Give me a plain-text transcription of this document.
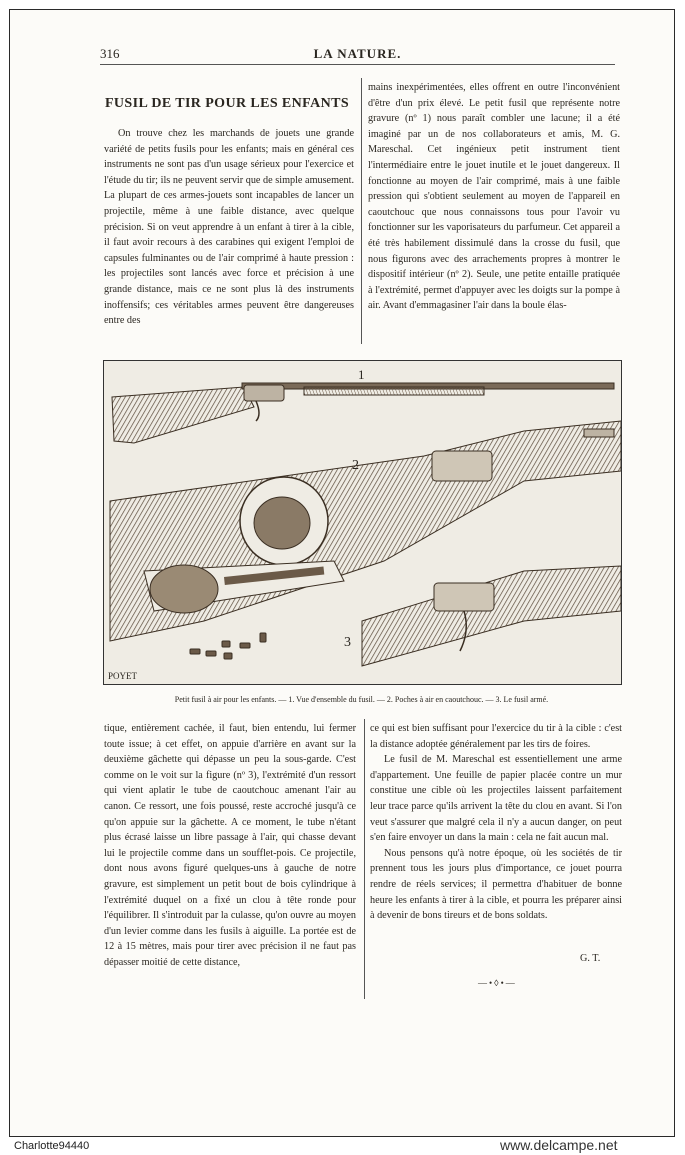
316	LA NATURE.
FUSIL DE TIR POUR LES ENFANTS

On trouve chez les marchands de jouets une grande variété de petits fusils pour les enfants; mais en général ces instruments ne sont pas d'un usage sérieux pour l'exercice et l'étude du tir; ils ne peuvent servir que de simple amusement. La plupart de ces armes-jouets sont incapables de lancer un projectile, même à une faible distance, avec quelque précision. Si on veut apprendre à un enfant à tirer à la cible, il faut avoir recours à des carabines qui exigent l'emploi de capsules fulminantes ou de l'air comprimé à haute pression : les projectiles sont lancés avec force et précision à une grande distance, mais ce ne sont plus là des instruments inoffensifs; ces véritables armes peuvent être dangereuses entre des

mains inexpérimentées, elles offrent en outre l'inconvénient d'être d'un prix élevé. Le petit fusil que représente notre gravure (nº 1) nous paraît combler une lacune; il a été imaginé par un de nos collaborateurs et amis, M. G. Mareschal. Cet ingénieux petit instrument tient l'intermédiaire entre le jouet inutile et le jouet dangereux. Il fonctionne au moyen de l'air comprimé, mais à une faible pression qui s'obtient seulement au moyen de l'appareil en caoutchouc que nous connaissons tous pour l'avoir vu fonctionner sur les vaporisateurs du parfumeur. Cet appareil a été très habilement dissimulé dans la crosse du fusil, que nous figurons avec des arrachements propres à montrer le dispositif intérieur (nº 2). Seule, une petite entaille pratiquée à l'extrémité, permet d'appuyer avec les doigts sur la pompe à air. Avant d'emmagasiner l'air dans la boule élas-

2
3
1
POYET
Petit fusil à air pour les enfants. — 1. Vue d'ensemble du fusil. — 2. Poches à air en caoutchouc. — 3. Le fusil armé.

tique, entièrement cachée, il faut, bien entendu, lui fermer toute issue; à cet effet, on appuie d'arrière en avant sur la deuxième gâchette qui dépasse un peu la sous-garde. C'est comme on le voit sur la figure (nº 3), l'extrémité d'un ressort qui vient aplatir le tube de caoutchouc amenant l'air au canon. Ce ressort, une fois poussé, reste accroché jusqu'à ce qu'on appuie sur la gâchette. A ce moment, le tube n'étant plus écrasé laisse un libre passage à l'air, qui chasse devant lui le projectile comme dans un soufflet-pois. Ce projectile, dont nous avons figuré quelques-uns à gauche de notre gravure, est simplement un petit bout de bois cylindrique à l'extrémité duquel on a fixé un clou à tête ronde pour l'équilibrer. Il s'introduit par la culasse, qu'on ouvre au moyen d'un levier comme dans les fusils à aiguille. La portée est de 12 à 15 mètres, mais pour tirer avec précision il ne faut pas dépasser moitié de cette distance,

ce qui est bien suffisant pour l'exercice du tir à la cible : c'est la distance adoptée généralement par les tirs de foires.

Le fusil de M. Mareschal est essentiellement une arme d'appartement. Une feuille de papier placée contre un mur constitue une cible où les projectiles laissent parfaitement leur trace parce qu'ils arrivent la tête du clou en avant. Si l'on veut s'assurer que malgré cela il n'y a aucun danger, on peut s'en faire envoyer un dans la main : cela ne fait aucun mal.

Nous pensons qu'à notre époque, où les sociétés de tir prennent tous les jours plus d'importance, ce jouet pourra rendre de réels services; il permettra d'habituer de bonne heure les enfants à tirer à la cible, et pourra les préparer ainsi à devenir de bons tireurs et de bons soldats.

G. T.
—•◊•—
Charlotte94440	www.delcampe.net
